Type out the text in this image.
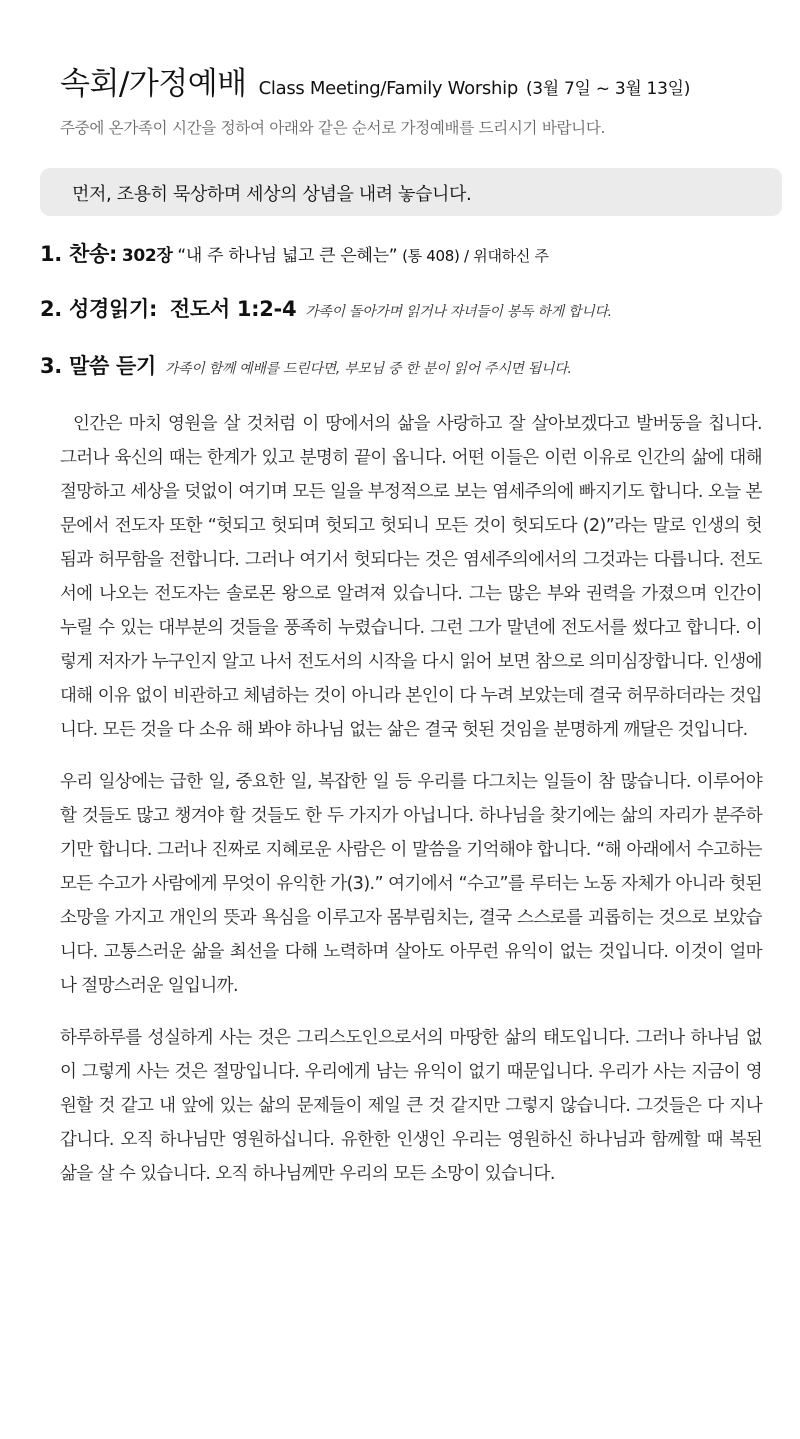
속회/가정예배 Class Meeting/Family Worship (3월 7일 ~ 3월 13일)
주중에 온가족이 시간을 정하여 아래와 같은 순서로 가정예배를 드리시기 바랍니다.
먼저, 조용히 묵상하며 세상의 상념을 내려 놓습니다.
1. 찬송: 302장 “내 주 하나님 넓고 큰 은혜는” (통 408) / 위대하신 주
2. 성경읽기: 전도서 1:2-4 가족이 돌아가며 읽거나 자녀들이 봉독 하게 합니다.
3. 말씀 듣기 가족이 함께 예배를 드린다면, 부모님 중 한 분이 읽어 주시면 됩니다.

인간은 마치 영원을 살 것처럼 이 땅에서의 삶을 사랑하고 잘 살아보겠다고 발버둥을 칩니다. 그러나 육신의 때는 한계가 있고 분명히 끝이 옵니다. 어떤 이들은 이런 이유로 인간의 삶에 대해 절망하고 세상을 덧없이 여기며 모든 일을 부정적으로 보는 염세주의에 빠지기도 합니다. 오늘 본문에서 전도자 또한 “헛되고 헛되며 헛되고 헛되니 모든 것이 헛되도다 (2)”라는 말로 인생의 헛됨과 허무함을 전합니다. 그러나 여기서 헛되다는 것은 염세주의에서의 그것과는 다릅니다. 전도서에 나오는 전도자는 솔로몬 왕으로 알려져 있습니다. 그는 많은 부와 권력을 가졌으며 인간이 누릴 수 있는 대부분의 것들을 풍족히 누렸습니다. 그런 그가 말년에 전도서를 썼다고 합니다. 이렇게 저자가 누구인지 알고 나서 전도서의 시작을 다시 읽어 보면 참으로 의미심장합니다. 인생에 대해 이유 없이 비관하고 체념하는 것이 아니라 본인이 다 누려 보았는데 결국 허무하더라는 것입니다. 모든 것을 다 소유 해 봐야 하나님 없는 삶은 결국 헛된 것임을 분명하게 깨달은 것입니다.

우리 일상에는 급한 일, 중요한 일, 복잡한 일 등 우리를 다그치는 일들이 참 많습니다. 이루어야 할 것들도 많고 챙겨야 할 것들도 한 두 가지가 아닙니다. 하나님을 찾기에는 삶의 자리가 분주하기만 합니다. 그러나 진짜로 지혜로운 사람은 이 말씀을 기억해야 합니다. “해 아래에서 수고하는 모든 수고가 사람에게 무엇이 유익한 가(3).” 여기에서 “수고”를 루터는 노동 자체가 아니라 헛된 소망을 가지고 개인의 뜻과 욕심을 이루고자 몸부림치는, 결국 스스로를 괴롭히는 것으로 보았습니다. 고통스러운 삶을 최선을 다해 노력하며 살아도 아무런 유익이 없는 것입니다. 이것이 얼마나 절망스러운 일입니까.

하루하루를 성실하게 사는 것은 그리스도인으로서의 마땅한 삶의 태도입니다. 그러나 하나님 없이 그렇게 사는 것은 절망입니다. 우리에게 남는 유익이 없기 때문입니다. 우리가 사는 지금이 영원할 것 같고 내 앞에 있는 삶의 문제들이 제일 큰 것 같지만 그렇지 않습니다. 그것들은 다 지나갑니다. 오직 하나님만 영원하십니다. 유한한 인생인 우리는 영원하신 하나님과 함께할 때 복된 삶을 살 수 있습니다. 오직 하나님께만 우리의 모든 소망이 있습니다.
